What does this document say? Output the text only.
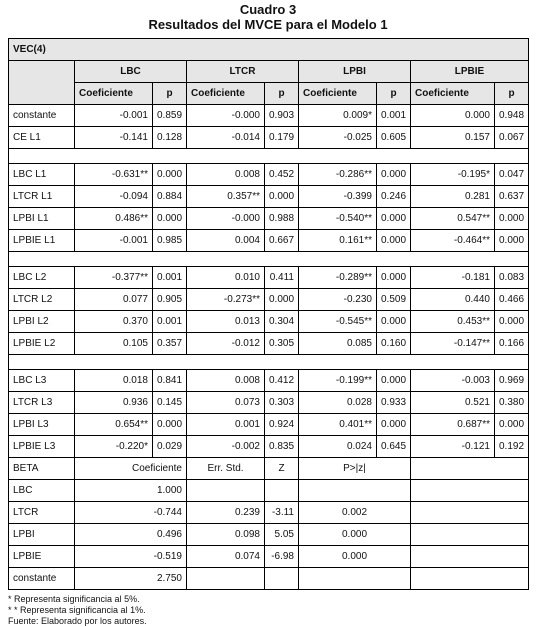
Cuadro 3
Resultados del MVCE para el Modelo 1
VEC(4)								
	LBC		LTCR		LPBI		LPBIE	
	Coeficiente	p	Coeficiente	p	Coeficiente	p	Coeficiente	p
constante	-0.001	0.859	-0.000	0.903	0.009*	0.001	0.000	0.948
CE L1	-0.141	0.128	-0.014	0.179	-0.025	0.605	0.157	0.067

LBC L1	-0.631**	0.000	0.008	0.452	-0.286**	0.000	-0.195*	0.047
LTCR L1	-0.094	0.884	0.357**	0.000	-0.399	0.246	0.281	0.637
LPBI L1	0.486**	0.000	-0.000	0.988	-0.540**	0.000	0.547**	0.000
LPBIE L1	-0.001	0.985	0.004	0.667	0.161**	0.000	-0.464**	0.000

LBC L2	-0.377**	0.001	0.010	0.411	-0.289**	0.000	-0.181	0.083
LTCR L2	0.077	0.905	-0.273**	0.000	-0.230	0.509	0.440	0.466
LPBI L2	0.370	0.001	0.013	0.304	-0.545**	0.000	0.453**	0.000
LPBIE L2	0.105	0.357	-0.012	0.305	0.085	0.160	-0.147**	0.166

LBC L3	0.018	0.841	0.008	0.412	-0.199**	0.000	-0.003	0.969
LTCR L3	0.936	0.145	0.073	0.303	0.028	0.933	0.521	0.380
LPBI L3	0.654**	0.000	0.001	0.924	0.401**	0.000	0.687**	0.000
LPBIE L3	-0.220*	0.029	-0.002	0.835	0.024	0.645	-0.121	0.192
BETA	Coeficiente		Err. Std.	Z	P>|z|			
LBC	1.000							
LTCR	-0.744		0.239	-3.11	0.002			
LPBI	0.496		0.098	5.05	0.000			
LPBIE	-0.519		0.074	-6.98	0.000			
constante	2.750							
* Representa significancia al 5%.
* * Representa significancia al 1%.
Fuente: Elaborado por los autores.
